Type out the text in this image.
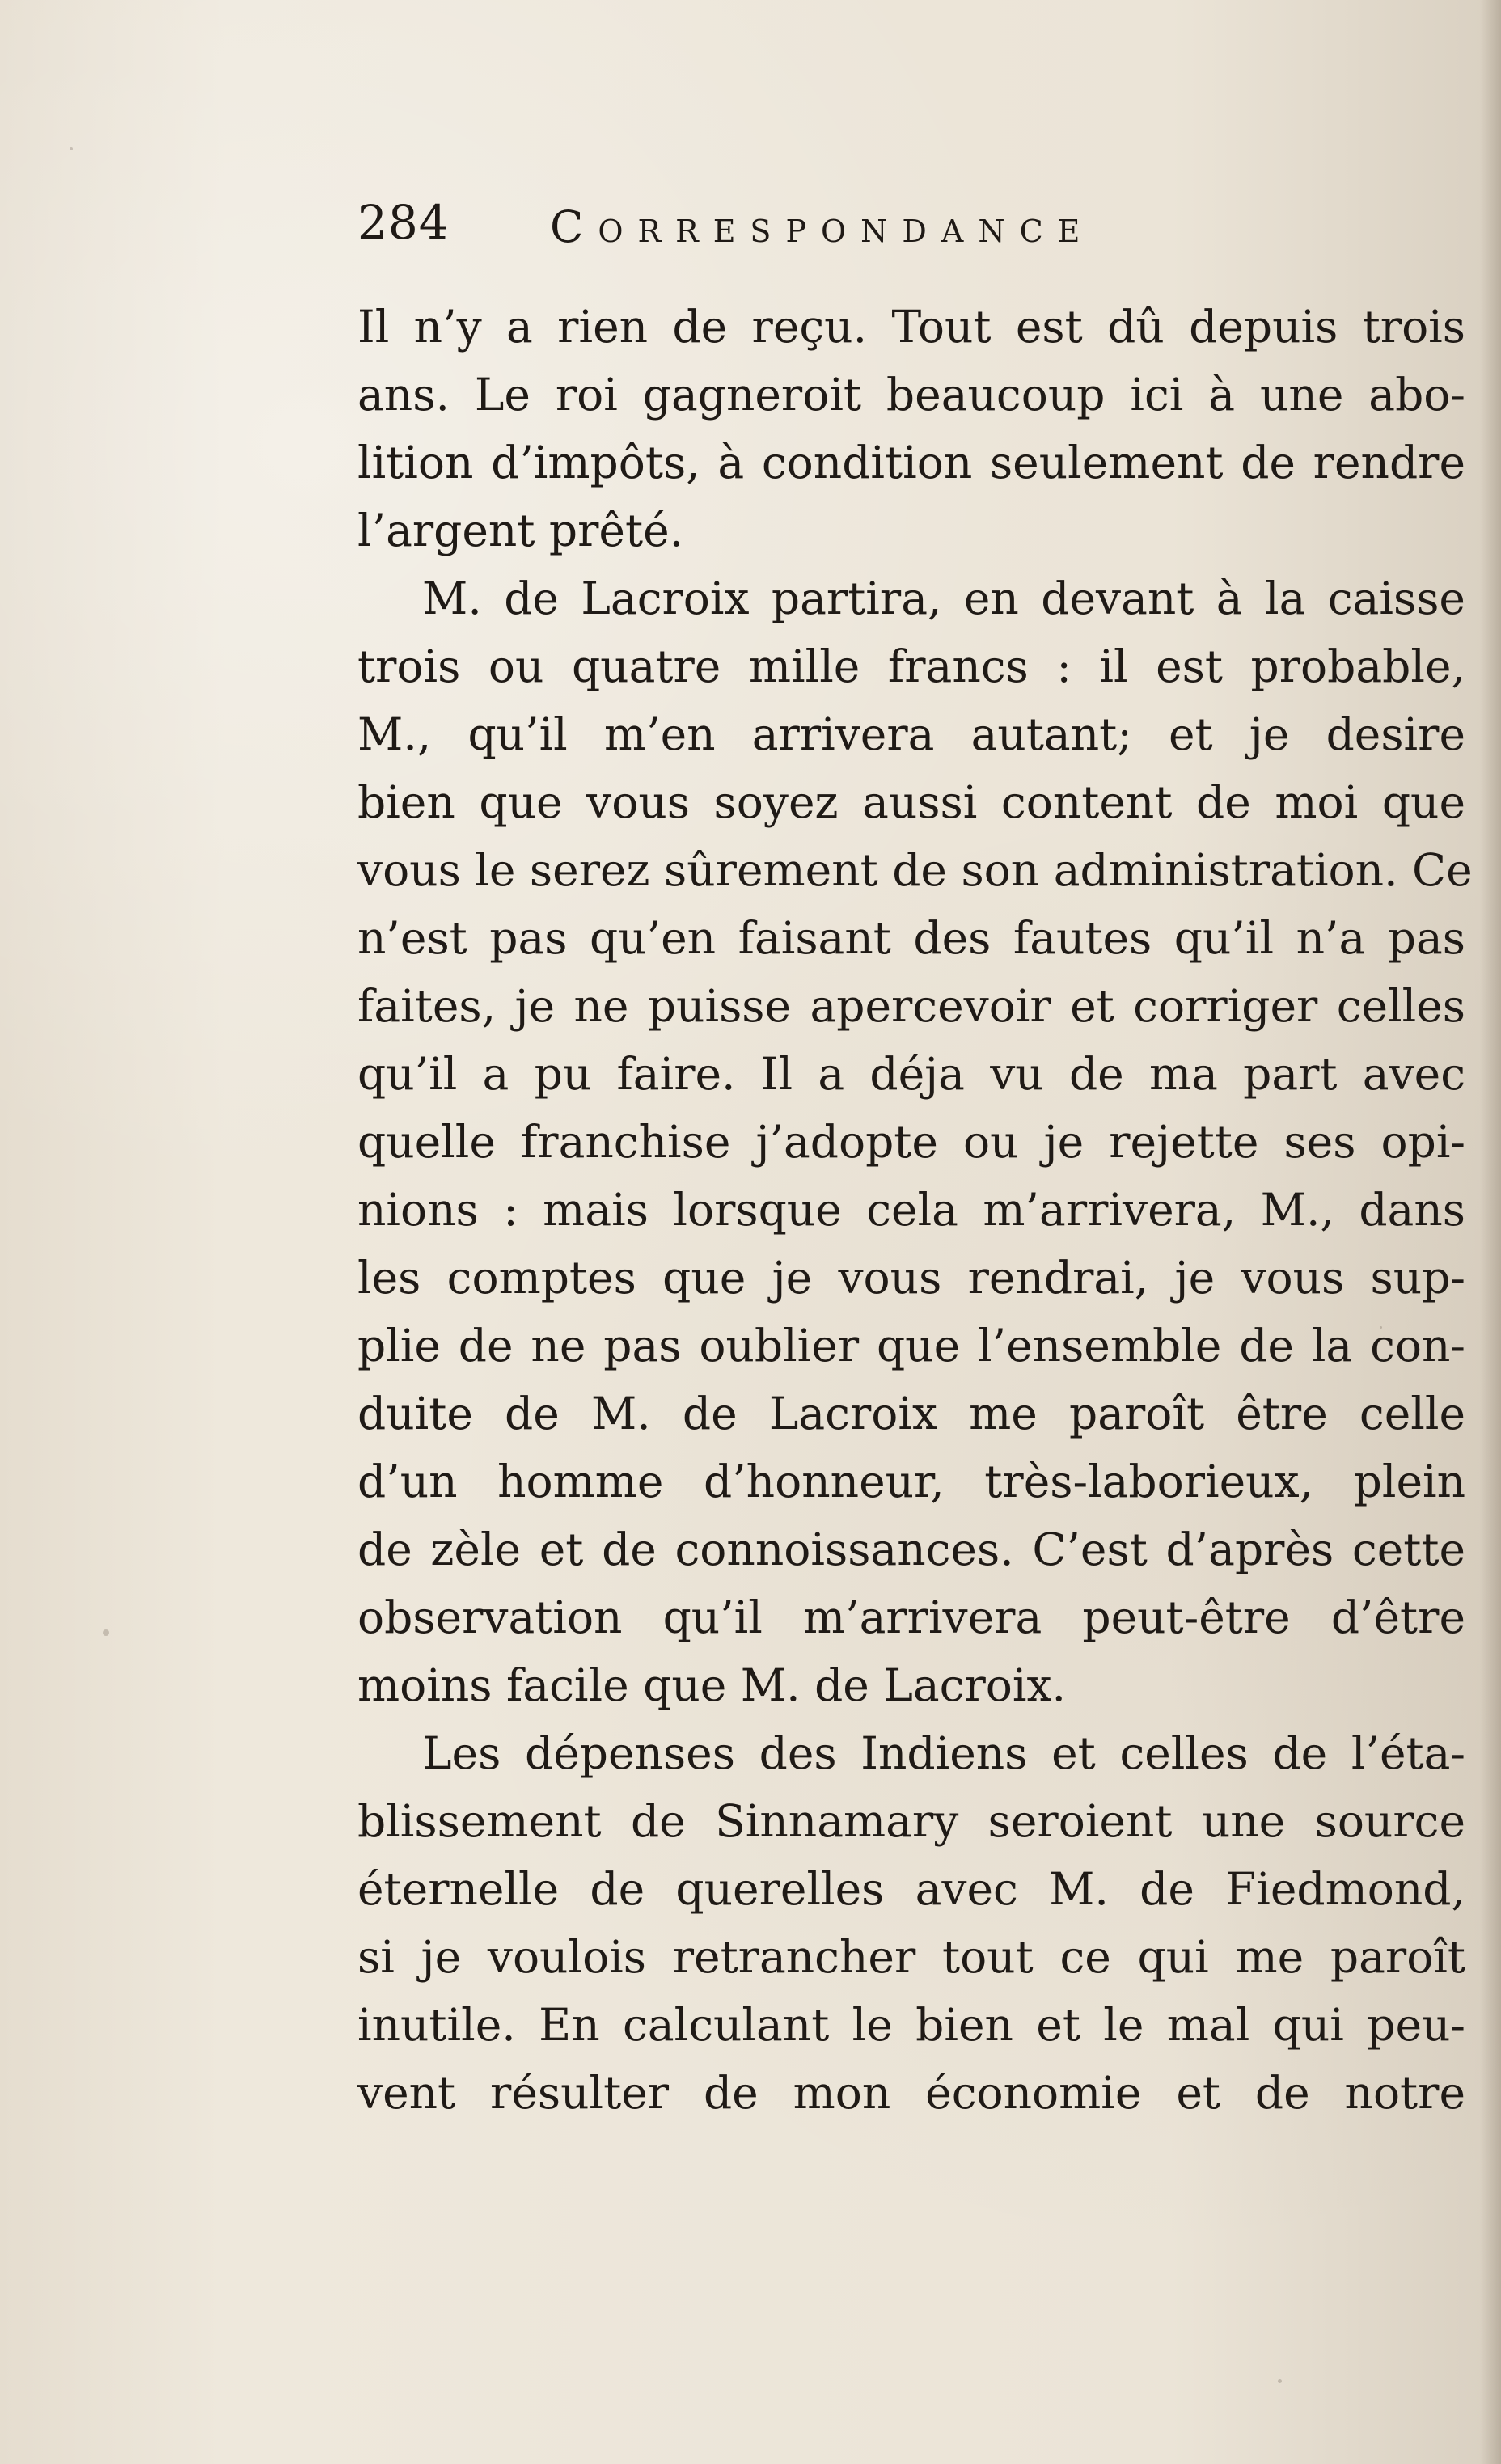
284 Correspondance
Il n’y a rien de reçu. Tout est dû depuis trois
ans. Le roi gagneroit beaucoup ici à une abo-
lition d’impôts, à condition seulement de rendre
l’argent prêté.
M. de Lacroix partira, en devant à la caisse
trois ou quatre mille francs : il est probable,
M., qu’il m’en arrivera autant; et je desire
bien que vous soyez aussi content de moi que
vous le serez sûrement de son administration. Ce
n’est pas qu’en faisant des fautes qu’il n’a pas
faites, je ne puisse apercevoir et corriger celles
qu’il a pu faire. Il a déja vu de ma part avec
quelle franchise j’adopte ou je rejette ses opi-
nions : mais lorsque cela m’arrivera, M., dans
les comptes que je vous rendrai, je vous sup-
plie de ne pas oublier que l’ensemble de la con-
duite de M. de Lacroix me paroît être celle
d’un homme d’honneur, très-laborieux, plein
de zèle et de connoissances. C’est d’après cette
observation qu’il m’arrivera peut-être d’être
moins facile que M. de Lacroix.
Les dépenses des Indiens et celles de l’éta-
blissement de Sinnamary seroient une source
éternelle de querelles avec M. de Fiedmond,
si je voulois retrancher tout ce qui me paroît
inutile. En calculant le bien et le mal qui peu-
vent résulter de mon économie et de notre
